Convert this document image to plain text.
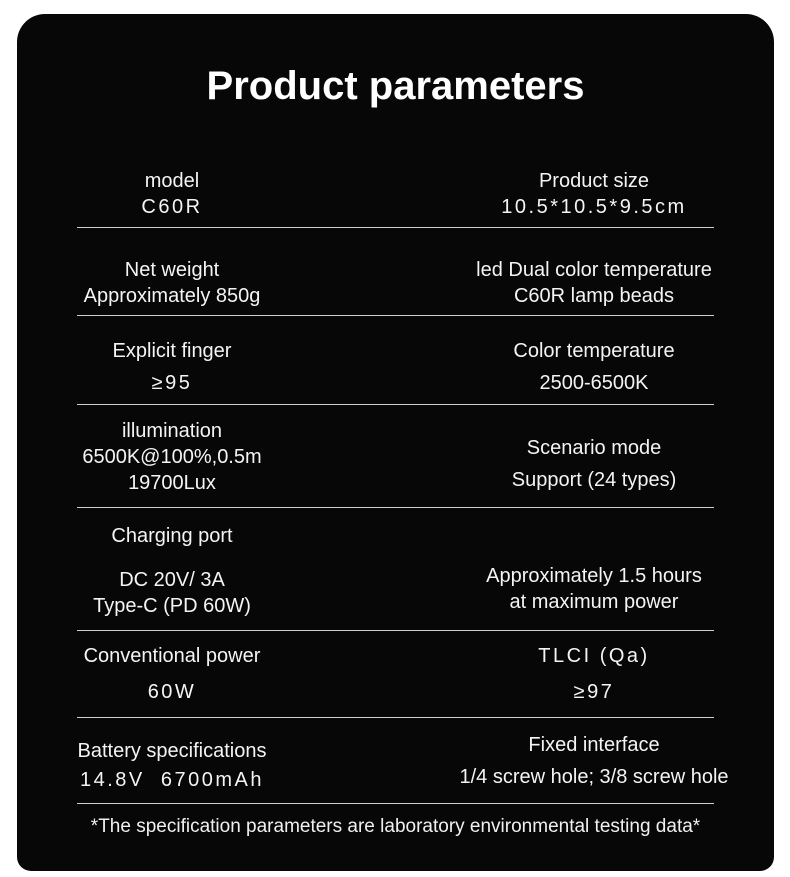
Product parameters
model
C60R
Product size
10.5*10.5*9.5cm
Net weight
Approximately 850g
led Dual color temperature
C60R lamp beads
Explicit finger
≥95
Color temperature
2500-6500K
illumination
6500K@100%,0.5m
19700Lux
Scenario mode
Support (24 types)
Charging port
DC 20V/ 3A
Type-C (PD 60W)
Approximately 1.5 hours
at maximum power
Conventional power
60W
TLCI (Qa)
≥97
Battery specifications
14.8V  6700mAh
Fixed interface
1/4 screw hole; 3/8 screw hole
*The specification parameters are laboratory environmental testing data*
